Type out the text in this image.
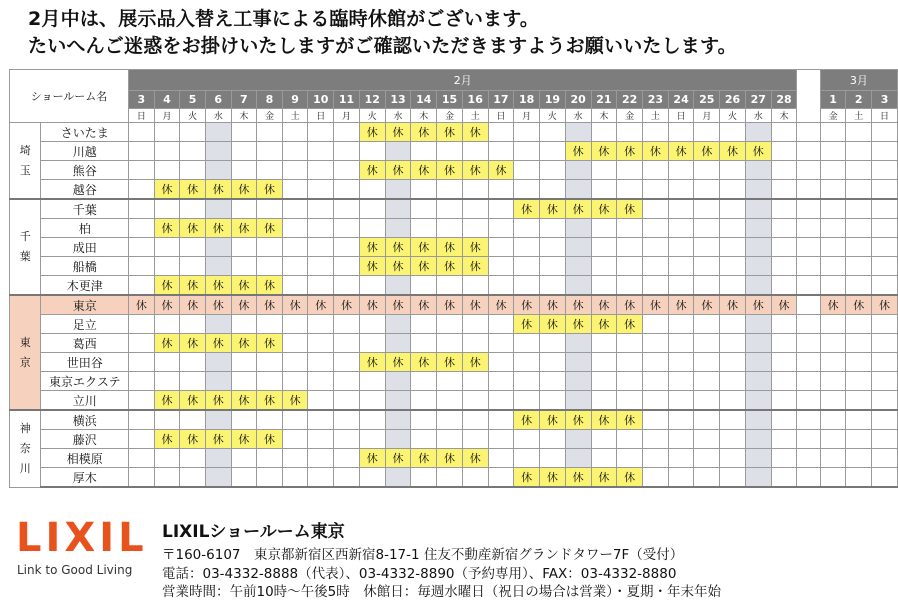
2月中は、展示品入替え工事による臨時休館がございます。
たいへんご迷惑をお掛けいたしますがご確認いただきますようお願いいたします。
ショールーム名		2月																											3月		
		3	4	5	6	7	8	9	10	11	12	13	14	15	16	17	18	19	20	21	22	23	24	25	26	27	28		1	2	3
		日	月	火	水	木	金	土	日	月	火	水	木	金	土	日	月	火	水	木	金	土	日	月	火	水	木		金	土	日

埼
玉	さいたま										休	休	休	休	休																
	川越																		休	休	休	休	休	休	休	休					
	熊谷										休	休	休	休	休	休															
	越谷		休	休	休	休	休																								

千
葉	千葉																休	休	休	休	休										
	柏		休	休	休	休	休																								
	成田										休	休	休	休	休																
	船橋										休	休	休	休	休																
	木更津		休	休	休	休	休																								

東
京	東京	休	休	休	休	休	休	休	休	休	休	休	休	休	休	休	休	休	休	休	休	休	休	休	休	休	休		休	休	休
	足立																休	休	休	休	休										
	葛西		休	休	休	休	休																								
	世田谷										休	休	休	休	休																
	東京エクステ																														
	立川		休	休	休	休	休	休																							

神
奈
川	横浜																休	休	休	休	休										
	藤沢		休	休	休	休	休																								
	相模原										休	休	休	休	休																
	厚木																休	休	休	休	休										
LIXIL
Link to Good Living
LIXILショールーム東京
〒160-6107　東京都新宿区西新宿8-17-1 住友不動産新宿グランドタワー7F（受付）
電話：03-4332-8888（代表）、03-4332-8890（予約専用）、FAX：03-4332-8880
営業時間：午前10時～午後5時　休館日：毎週水曜日（祝日の場合は営業）・夏期・年末年始
